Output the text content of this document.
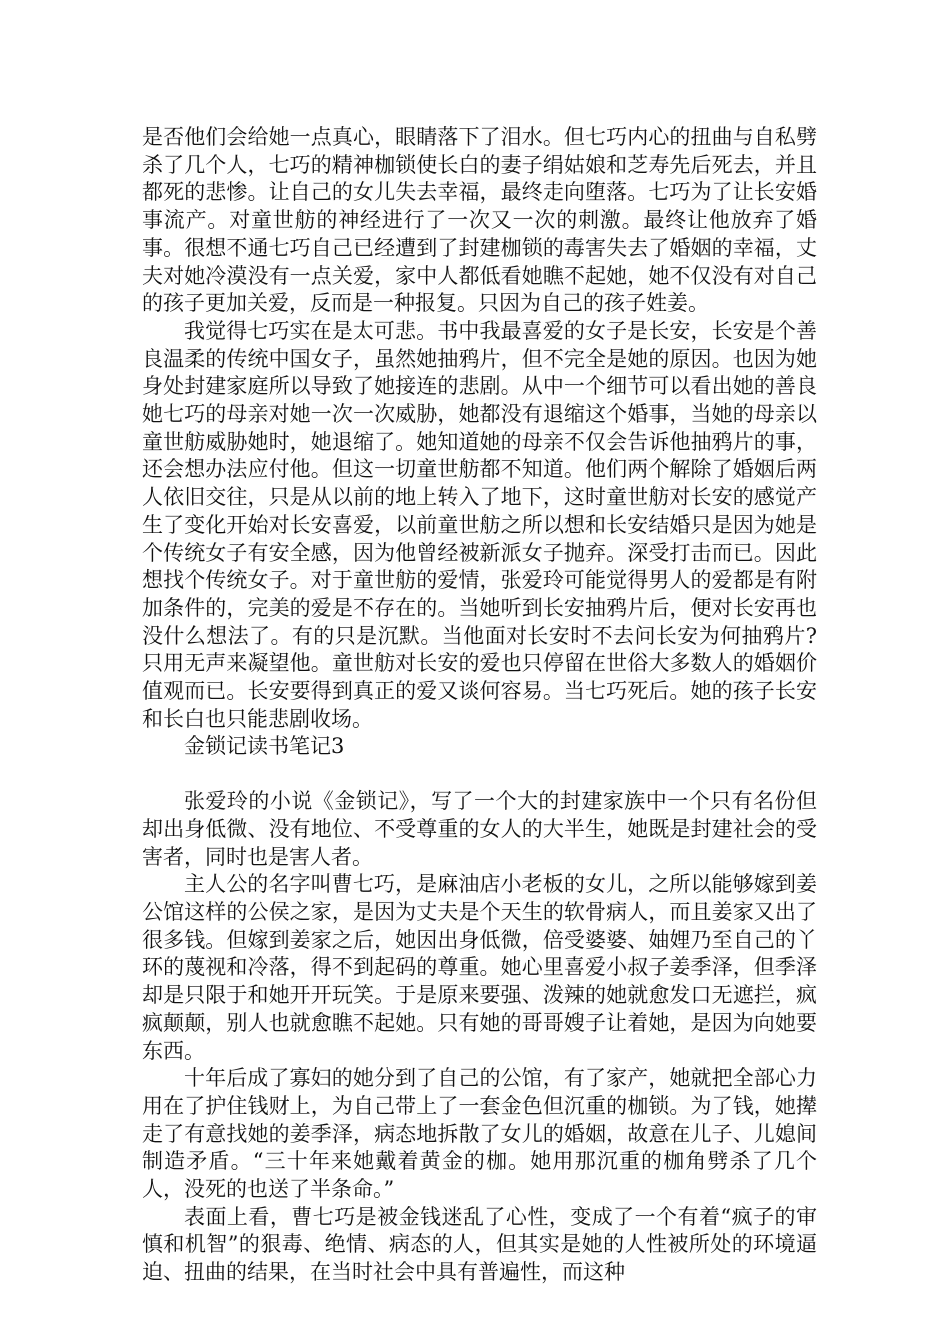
是否他们会给她一点真心，眼睛落下了泪水。但七巧内心的扭曲与自私劈杀了几个人，七巧的精神枷锁使长白的妻子绢姑娘和芝寿先后死去，并且都死的悲惨。让自己的女儿失去幸福，最终走向堕落。七巧为了让长安婚事流产。对童世舫的神经进行了一次又一次的刺激。最终让他放弃了婚事。很想不通七巧自己已经遭到了封建枷锁的毒害失去了婚姻的幸福，丈夫对她冷漠没有一点关爱，家中人都低看她瞧不起她，她不仅没有对自己的孩子更加关爱，反而是一种报复。只因为自己的孩子姓姜。

我觉得七巧实在是太可悲。书中我最喜爱的女子是长安，长安是个善良温柔的传统中国女子，虽然她抽鸦片，但不完全是她的原因。也因为她身处封建家庭所以导致了她接连的悲剧。从中一个细节可以看出她的善良她七巧的母亲对她一次一次威胁，她都没有退缩这个婚事，当她的母亲以童世舫威胁她时，她退缩了。她知道她的母亲不仅会告诉他抽鸦片的事，还会想办法应付他。但这一切童世舫都不知道。他们两个解除了婚姻后两人依旧交往，只是从以前的地上转入了地下，这时童世舫对长安的感觉产生了变化开始对长安喜爱，以前童世舫之所以想和长安结婚只是因为她是个传统女子有安全感，因为他曾经被新派女子抛弃。深受打击而已。因此想找个传统女子。对于童世舫的爱情，张爱玲可能觉得男人的爱都是有附加条件的，完美的爱是不存在的。当她听到长安抽鸦片后，便对长安再也没什么想法了。有的只是沉默。当他面对长安时不去问长安为何抽鸦片?只用无声来凝望他。童世舫对长安的爱也只停留在世俗大多数人的婚姻价值观而已。长安要得到真正的爱又谈何容易。当七巧死后。她的孩子长安和长白也只能悲剧收场。

金锁记读书笔记3

张爱玲的小说《金锁记》，写了一个大的封建家族中一个只有名份但却出身低微、没有地位、不受尊重的女人的大半生，她既是封建社会的受害者，同时也是害人者。

主人公的名字叫曹七巧，是麻油店小老板的女儿，之所以能够嫁到姜公馆这样的公侯之家，是因为丈夫是个天生的软骨病人，而且姜家又出了很多钱。但嫁到姜家之后，她因出身低微，倍受婆婆、妯娌乃至自己的丫环的蔑视和冷落，得不到起码的尊重。她心里喜爱小叔子姜季泽，但季泽却是只限于和她开开玩笑。于是原来要强、泼辣的她就愈发口无遮拦，疯疯颠颠，别人也就愈瞧不起她。只有她的哥哥嫂子让着她，是因为向她要东西。

十年后成了寡妇的她分到了自己的公馆，有了家产，她就把全部心力用在了护住钱财上，为自己带上了一套金色但沉重的枷锁。为了钱，她撵走了有意找她的姜季泽，病态地拆散了女儿的婚姻，故意在儿子、儿媳间制造矛盾。“三十年来她戴着黄金的枷。她用那沉重的枷角劈杀了几个人，没死的也送了半条命。”

表面上看，曹七巧是被金钱迷乱了心性，变成了一个有着“疯子的审慎和机智”的狠毒、绝情、病态的人，但其实是她的人性被所处的环境逼迫、扭曲的结果，在当时社会中具有普遍性，而这种
